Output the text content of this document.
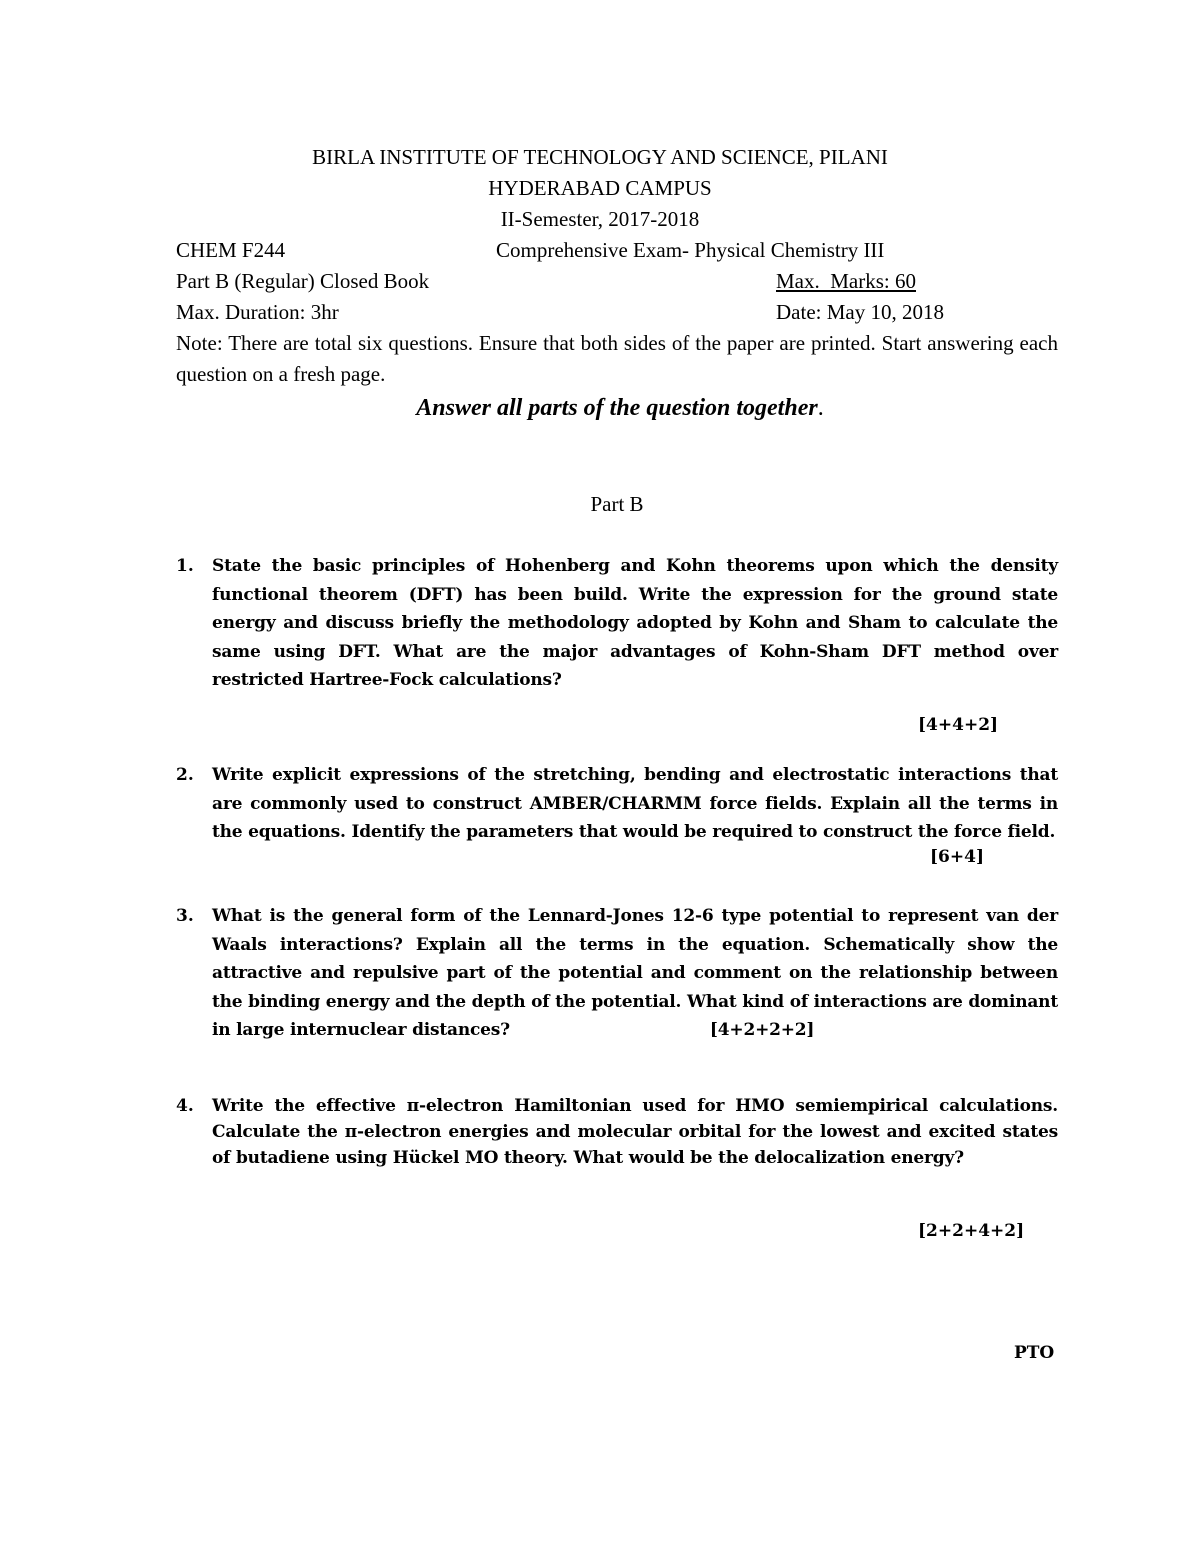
BIRLA INSTITUTE OF TECHNOLOGY AND SCIENCE, PILANI
HYDERABAD CAMPUS
II-Semester, 2017-2018
CHEM F244	Comprehensive Exam- Physical Chemistry III
Part B (Regular) Closed Book	Max.  Marks: 60
Max. Duration: 3hr	Date: May 10, 2018
Note: There are total six questions. Ensure that both sides of the paper are printed. Start answering each question on a fresh page.
Answer all parts of the question together.
Part B
1. State the basic principles of Hohenberg and Kohn theorems upon which the density functional theorem (DFT) has been build. Write the expression for the ground state energy and discuss briefly the methodology adopted by Kohn and Sham to calculate the same using DFT. What are the major advantages of Kohn-Sham DFT method over restricted Hartree-Fock calculations?
[4+4+2]
2. Write explicit expressions of the stretching, bending and electrostatic interactions that are commonly used to construct AMBER/CHARMM force fields. Explain all the terms in the equations. Identify the parameters that would be required to construct the force field.
[6+4]
3. What is the general form of the Lennard-Jones 12-6 type potential to represent van der Waals interactions? Explain all the terms in the equation. Schematically show the attractive and repulsive part of the potential and comment on the relationship between the binding energy and the depth of the potential. What kind of interactions are dominant in large internuclear distances?	[4+2+2+2]
4. Write the effective π-electron Hamiltonian used for HMO semiempirical calculations. Calculate the π-electron energies and molecular orbital for the lowest and excited states of butadiene using Hückel MO theory. What would be the delocalization energy?
[2+2+4+2]
PTO
